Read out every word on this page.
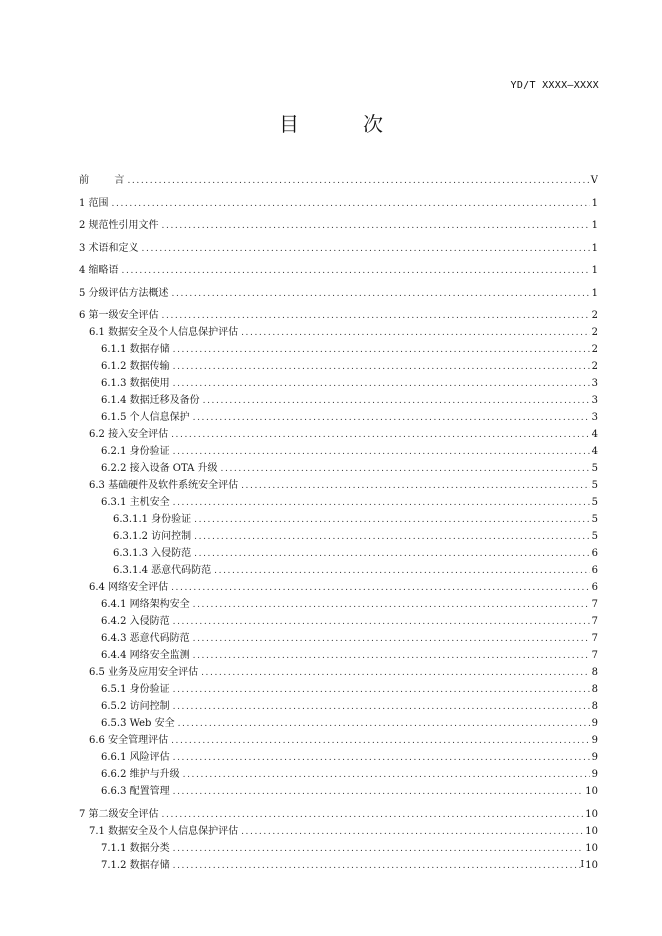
YD/T XXXX—XXXX
目 次
前        言 .....	V
1 范围 .....	1
2 规范性引用文件 .....	1
3 术语和定义 .....	1
4 缩略语 .....	1
5 分级评估方法概述 .....	1
6 第一级安全评估 .....	2
6.1 数据安全及个人信息保护评估 .....	2
6.1.1 数据存储 .....	2
6.1.2 数据传输 .....	2
6.1.3 数据使用 .....	3
6.1.4 数据迁移及备份 .....	3
6.1.5 个人信息保护 .....	3
6.2 接入安全评估 .....	4
6.2.1 身份验证 .....	4
6.2.2 接入设备 OTA 升级 .....	5
6.3 基础硬件及软件系统安全评估 .....	5
6.3.1 主机安全 .....	5
6.3.1.1 身份验证 .....	5
6.3.1.2 访问控制 .....	5
6.3.1.3 入侵防范 .....	6
6.3.1.4 恶意代码防范 .....	6
6.4 网络安全评估 .....	6
6.4.1 网络架构安全 .....	7
6.4.2 入侵防范 .....	7
6.4.3 恶意代码防范 .....	7
6.4.4 网络安全监测 .....	7
6.5 业务及应用安全评估 .....	8
6.5.1 身份验证 .....	8
6.5.2 访问控制 .....	8
6.5.3 Web 安全 .....	9
6.6 安全管理评估 .....	9
6.6.1 风险评估 .....	9
6.6.2 维护与升级 .....	9
6.6.3 配置管理 .....	10
7 第二级安全评估 .....	10
7.1 数据安全及个人信息保护评估 .....	10
7.1.1 数据分类 .....	10
7.1.2 数据存储 .....	10
I
